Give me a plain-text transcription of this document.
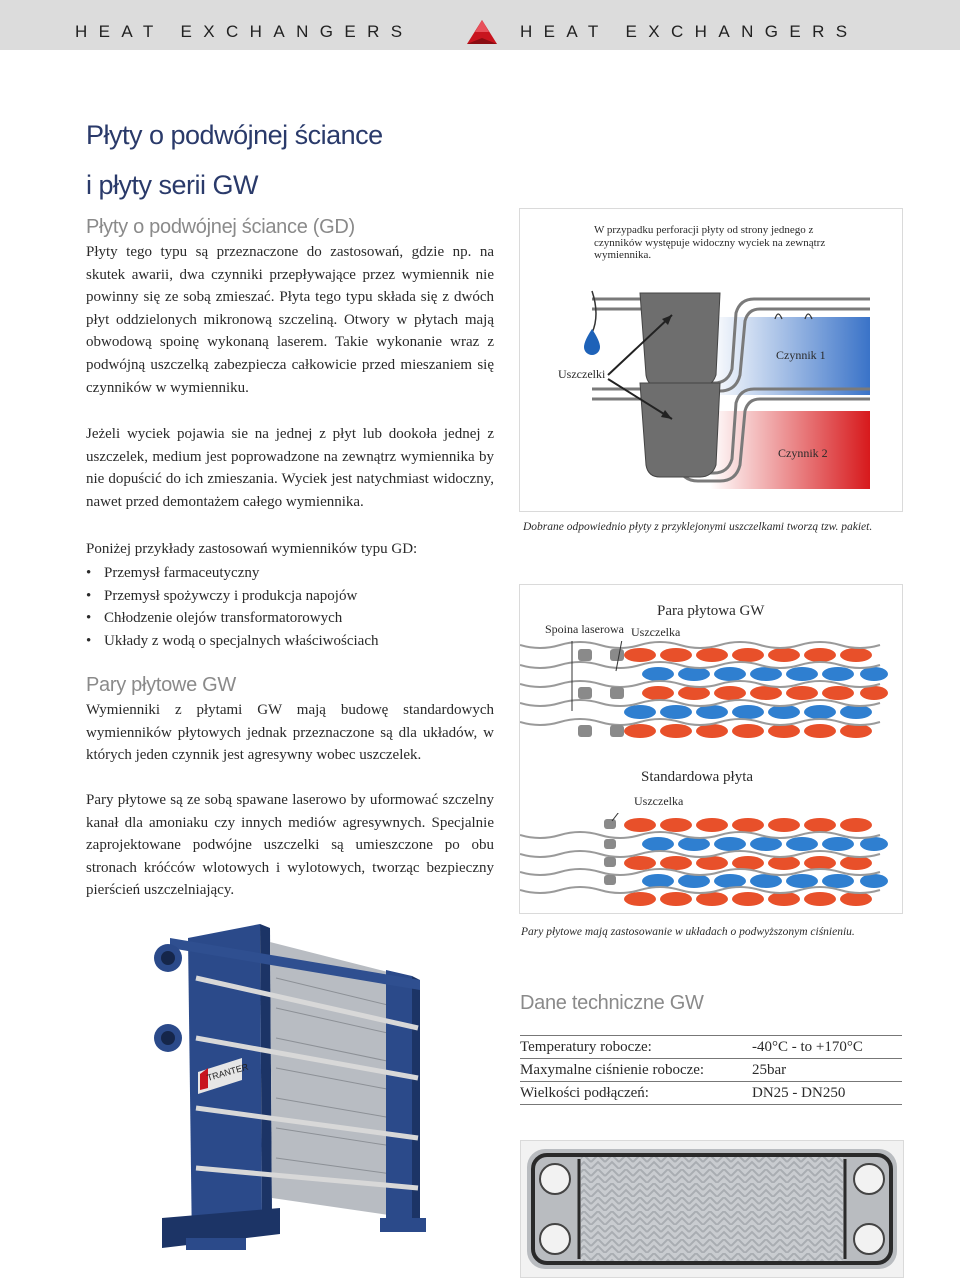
HEAT EXCHANGERS	HEAT EXCHANGERS
Płyty o podwójnej ściance
i płyty serii GW
Płyty o podwójnej ściance (GD)

Płyty tego typu są przeznaczone do zastosowań, gdzie np. na skutek awarii, dwa czynniki przepływające przez wymiennik nie powinny się ze sobą zmieszać. Płyta tego typu składa się z dwóch płyt oddzielonych mikronową szczeliną. Otwory w płytach mają obwodową spoinę wykonaną laserem. Takie wykonanie wraz z podwójną uszczelką zabezpiecza całkowicie przed mieszaniem się czynników w wymienniku.

Jeżeli wyciek pojawia sie na jednej z płyt lub dookoła jednej z uszczelek, medium jest poprowadzone na zewnątrz wymiennika by nie dopuścić do ich zmieszania. Wyciek jest natychmiast widoczny, nawet przed demontażem całego wymiennika.

Poniżej przykłady zastosowań wymienników typu GD:

• Przemysł farmaceutyczny
• Przemysł spożywczy i produkcja napojów
• Chłodzenie olejów transformatorowych
• Układy z wodą o specjalnych właściwościach
Pary płytowe GW

Wymienniki z płytami GW mają budowę standardowych wymienników płytowych jednak przeznaczone są dla układów, w których jeden czynnik jest agresywny wobec uszczelek.

Pary płytowe są ze sobą spawane laserowo by uformować szczelny kanał dla amoniaku czy innych mediów agresywnych. Specjalnie zaprojektowane podwójne uszczelki są umieszczone po obu stronach króćców wlotowych i wylotowych, tworząc bezpieczny pierścień uszczelniający.

W przypadku perforacji płyty od strony jednego z czynników występuje widoczny wyciek na zewnątrz wymiennika.
Uszczelki
Czynnik 1
Czynnik 2
Dobrane odpowiednio płyty z przyklejonymi uszczelkami tworzą tzw. pakiet.
Para płytowa GW
Spoina laserowa Uszczelka
Standardowa płyta
Uszczelka
Pary płytowe mają zastosowanie w układach o podwyższonym ciśnieniu.
TRANTER
Dane techniczne GW
Temperatury robocze:	-40°C - to +170°C
Maxymalne ciśnienie robocze:	25bar
Wielkości podłączeń:	DN25 - DN250
